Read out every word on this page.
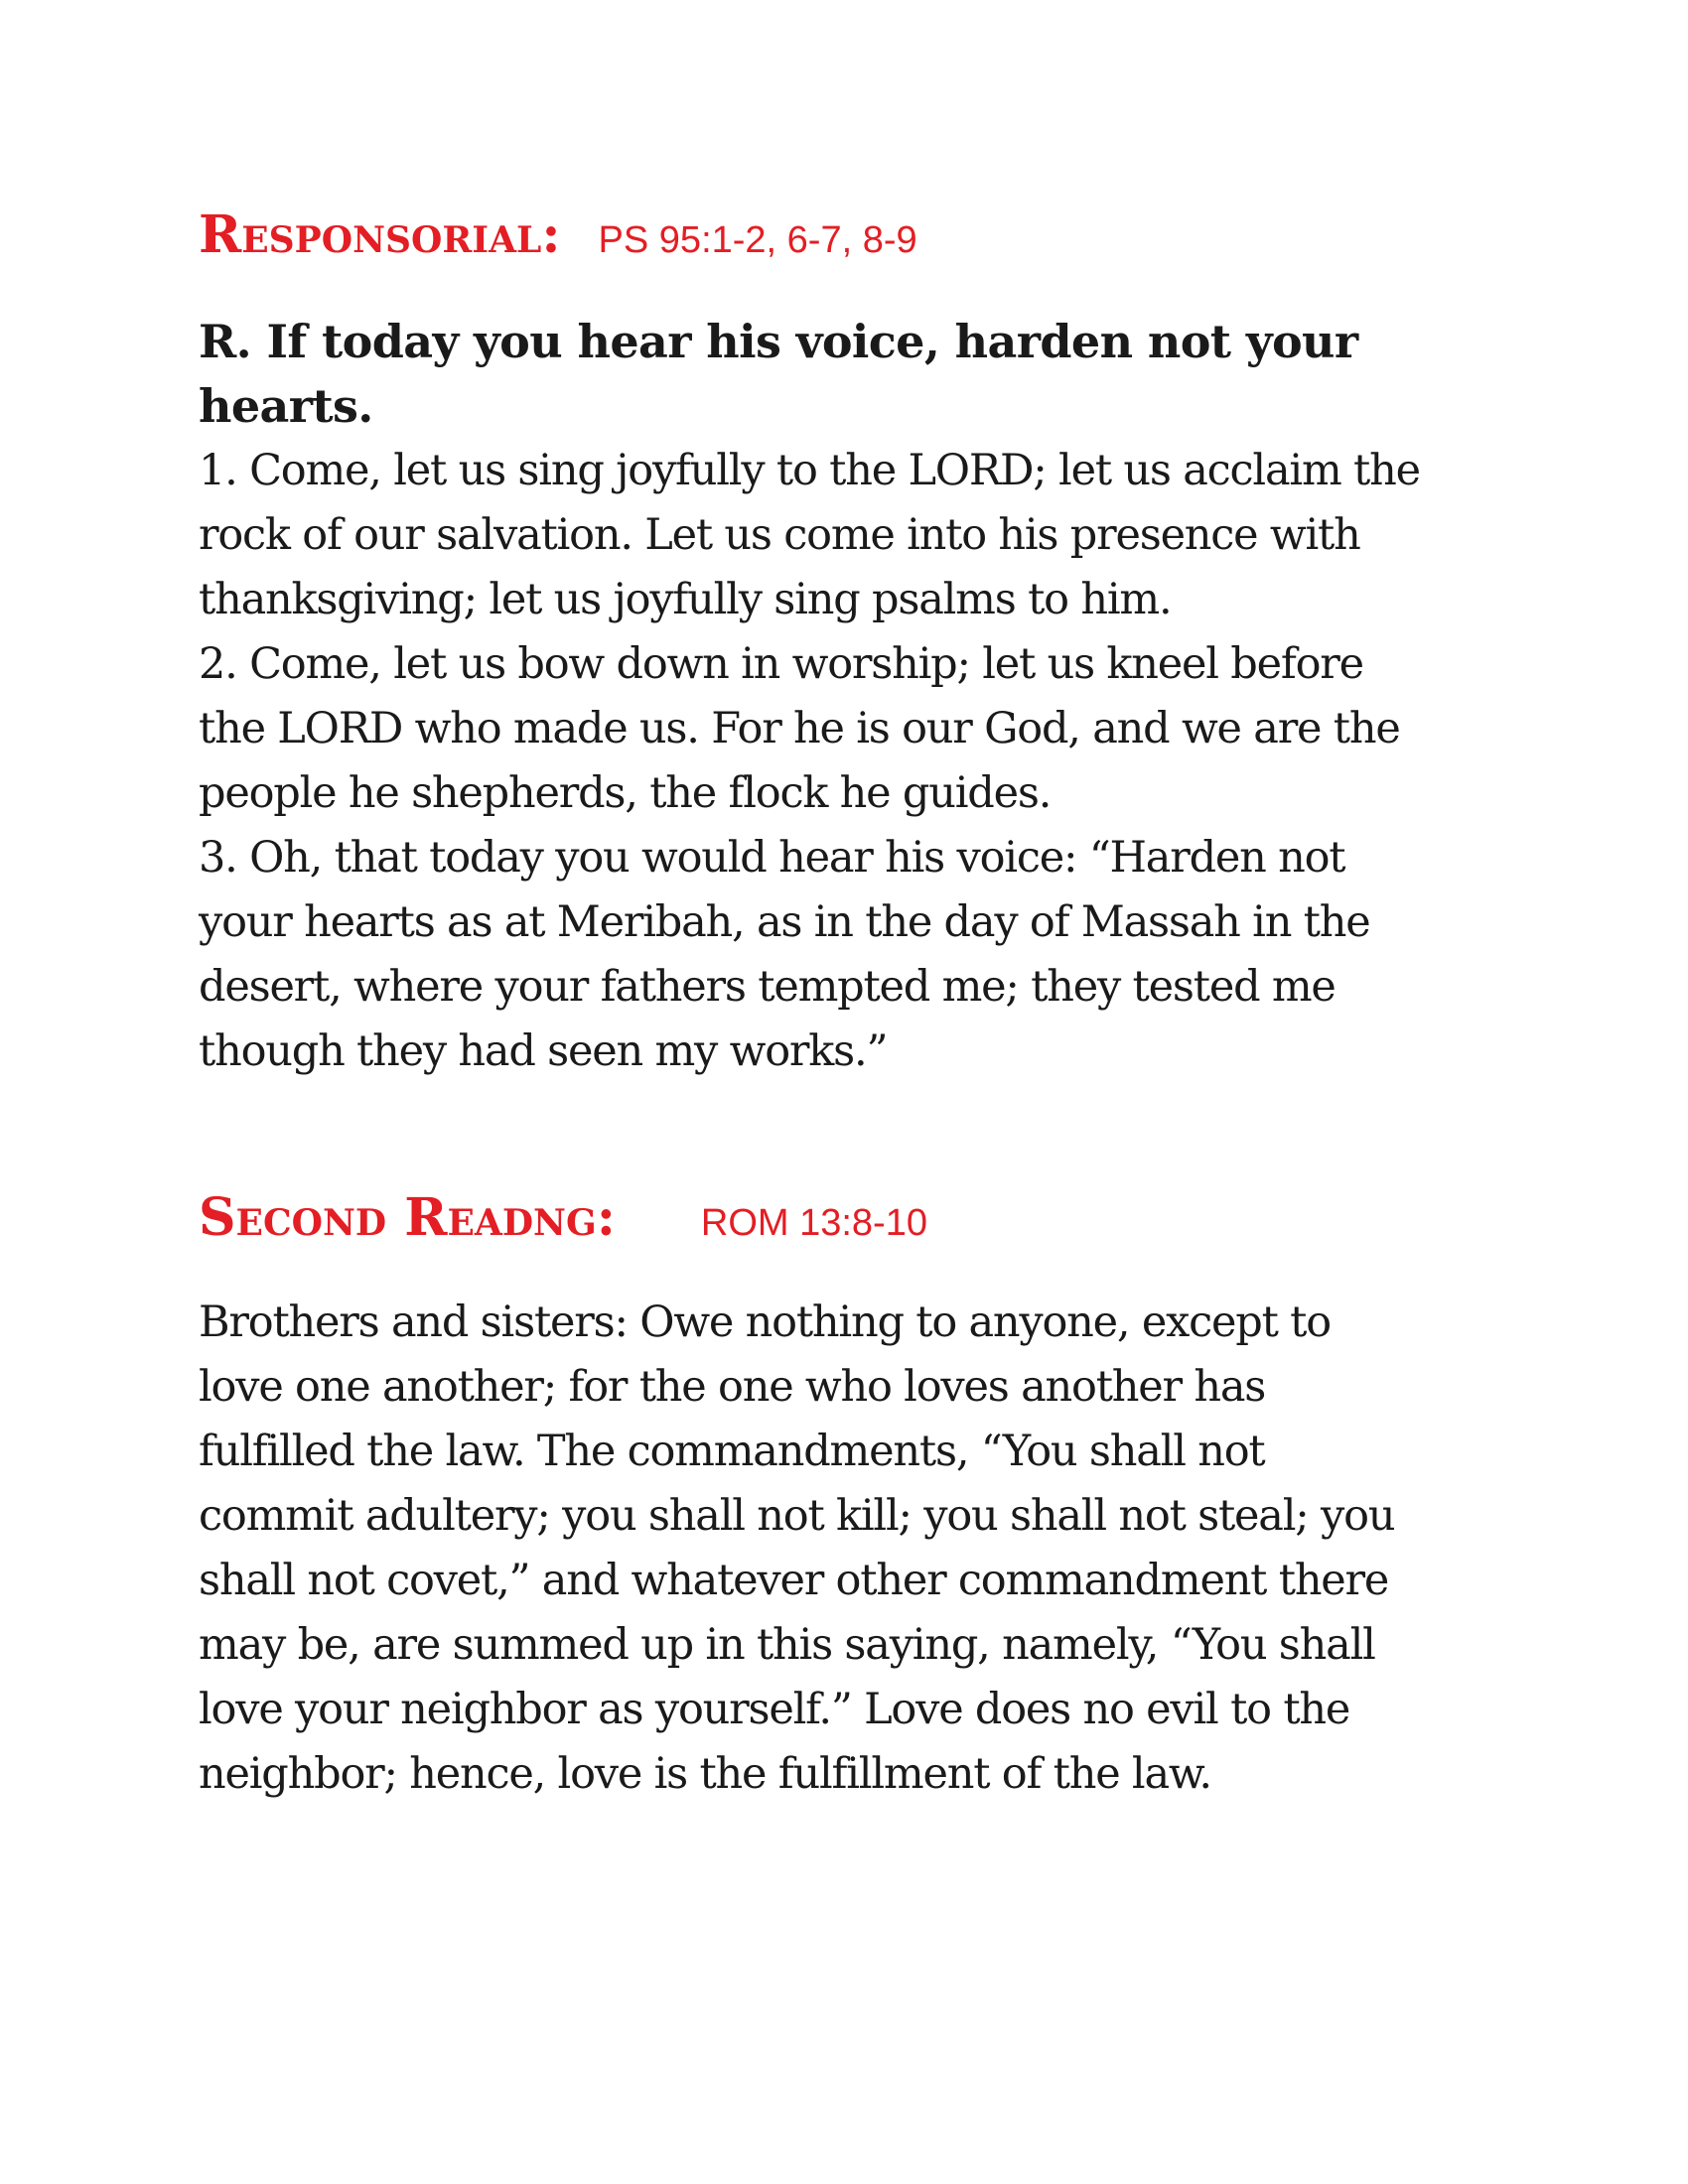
Responsorial: PS 95:1-2, 6-7, 8-9
R. If today you hear his voice, harden not your
hearts.
1. Come, let us sing joyfully to the LORD; let us acclaim the
rock of our salvation. Let us come into his presence with
thanksgiving; let us joyfully sing psalms to him.
2. Come, let us bow down in worship; let us kneel before
the LORD who made us. For he is our God, and we are the
people he shepherds, the flock he guides.
3. Oh, that today you would hear his voice: “Harden not
your hearts as at Meribah, as in the day of Massah in the
desert, where your fathers tempted me; they tested me
though they had seen my works.”
Second Readng: ROM 13:8-10
Brothers and sisters: Owe nothing to anyone, except to
love one another; for the one who loves another has
fulfilled the law. The commandments, “You shall not
commit adultery; you shall not kill; you shall not steal; you
shall not covet,” and whatever other commandment there
may be, are summed up in this saying, namely, “You shall
love your neighbor as yourself.” Love does no evil to the
neighbor; hence, love is the fulfillment of the law.
